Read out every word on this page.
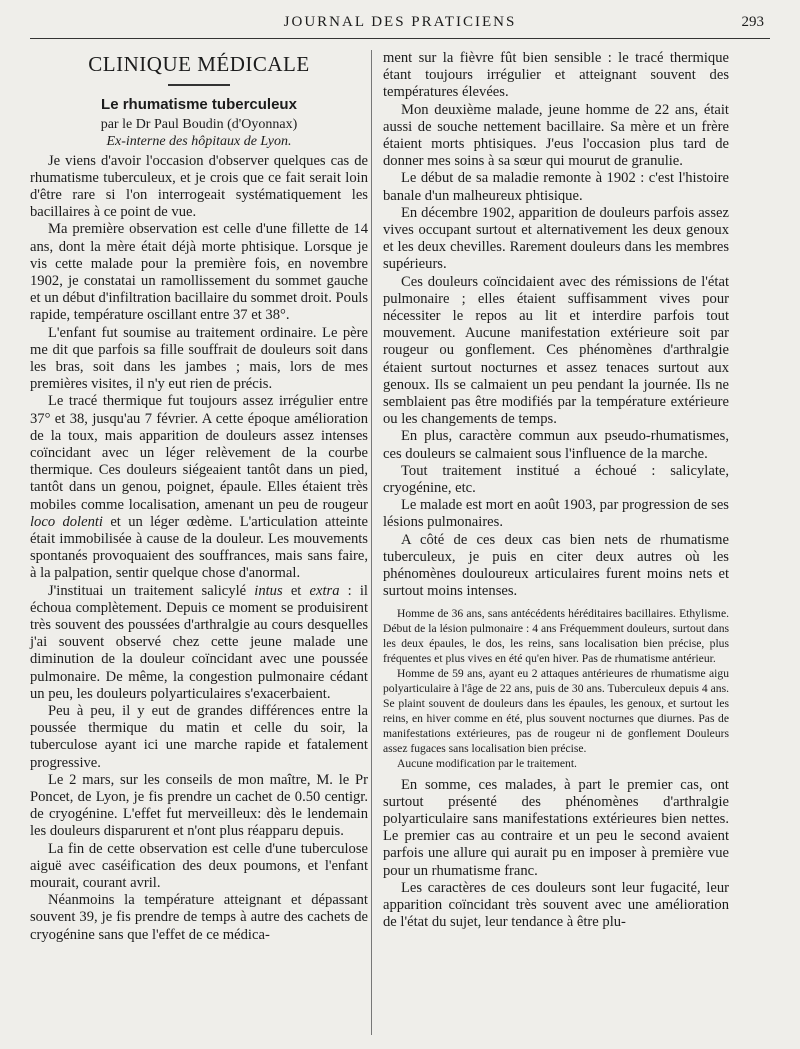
JOURNAL DES PRATICIENS	293
CLINIQUE MÉDICALE
Le rhumatisme tuberculeux
par le Dr Paul Boudin (d'Oyonnax)
Ex-interne des hôpitaux de Lyon.

Je viens d'avoir l'occasion d'observer quelques cas de rhumatisme tuberculeux, et je crois que ce fait serait loin d'être rare si l'on interrogeait systématiquement les bacillaires à ce point de vue.

Ma première observation est celle d'une fillette de 14 ans, dont la mère était déjà morte phtisique. Lorsque je vis cette malade pour la première fois, en novembre 1902, je constatai un ramollissement du sommet gauche et un début d'infiltration bacillaire du sommet droit. Pouls rapide, température oscillant entre 37 et 38°.

L'enfant fut soumise au traitement ordinaire. Le père me dit que parfois sa fille souffrait de douleurs soit dans les bras, soit dans les jambes ; mais, lors de mes premières visites, il n'y eut rien de précis.

Le tracé thermique fut toujours assez irrégulier entre 37° et 38, jusqu'au 7 février. A cette époque amélioration de la toux, mais apparition de douleurs assez intenses coïncidant avec un léger relèvement de la courbe thermique. Ces douleurs siégeaient tantôt dans un pied, tantôt dans un genou, poignet, épaule. Elles étaient très mobiles comme localisation, amenant un peu de rougeur loco dolenti et un léger œdème. L'articulation atteinte était immobilisée à cause de la douleur. Les mouvements spontanés provoquaient des souffrances, mais sans faire, à la palpation, sentir quelque chose d'anormal.

J'instituai un traitement salicylé intus et extra : il échoua complètement. Depuis ce moment se produisirent très souvent des poussées d'arthralgie au cours desquelles j'ai souvent observé chez cette jeune malade une diminution de la douleur coïncidant avec une poussée pulmonaire. De même, la congestion pulmonaire cédant un peu, les douleurs polyarticulaires s'exacerbaient.

Peu à peu, il y eut de grandes différences entre la poussée thermique du matin et celle du soir, la tuberculose ayant ici une marche rapide et fatalement progressive.

Le 2 mars, sur les conseils de mon maître, M. le Pr Poncet, de Lyon, je fis prendre un cachet de 0.50 centigr. de cryogénine. L'effet fut merveilleux: dès le lendemain les douleurs disparurent et n'ont plus réapparu depuis.

La fin de cette observation est celle d'une tuberculose aiguë avec caséification des deux poumons, et l'enfant mourait, courant avril.

Néanmoins la température atteignant et dépassant souvent 39, je fis prendre de temps à autre des cachets de cryogénine sans que l'effet de ce médica-

ment sur la fièvre fût bien sensible : le tracé thermique étant toujours irrégulier et atteignant souvent des températures élevées.

Mon deuxième malade, jeune homme de 22 ans, était aussi de souche nettement bacillaire. Sa mère et un frère étaient morts phtisiques. J'eus l'occasion plus tard de donner mes soins à sa sœur qui mourut de granulie.

Le début de sa maladie remonte à 1902 : c'est l'histoire banale d'un malheureux phtisique.

En décembre 1902, apparition de douleurs parfois assez vives occupant surtout et alternativement les deux genoux et les deux chevilles. Rarement douleurs dans les membres supérieurs.

Ces douleurs coïncidaient avec des rémissions de l'état pulmonaire ; elles étaient suffisamment vives pour nécessiter le repos au lit et interdire parfois tout mouvement. Aucune manifestation extérieure soit par rougeur ou gonflement. Ces phénomènes d'arthralgie étaient surtout nocturnes et assez tenaces surtout aux genoux. Ils se calmaient un peu pendant la journée. Ils ne semblaient pas être modifiés par la température extérieure ou les changements de temps.

En plus, caractère commun aux pseudo-rhumatismes, ces douleurs se calmaient sous l'influence de la marche.

Tout traitement institué a échoué : salicylate, cryogénine, etc.

Le malade est mort en août 1903, par progression de ses lésions pulmonaires.

A côté de ces deux cas bien nets de rhumatisme tuberculeux, je puis en citer deux autres où les phénomènes douloureux articulaires furent moins nets et surtout moins intenses.

Homme de 36 ans, sans antécédents héréditaires bacillaires. Ethylisme. Début de la lésion pulmonaire : 4 ans Fréquemment douleurs, surtout dans les deux épaules, le dos, les reins, sans localisation bien précise, plus fréquentes et plus vives en été qu'en hiver. Pas de rhumatisme antérieur.

Homme de 59 ans, ayant eu 2 attaques antérieures de rhumatisme aigu polyarticulaire à l'âge de 22 ans, puis de 30 ans. Tuberculeux depuis 4 ans. Se plaint souvent de douleurs dans les épaules, les genoux, et surtout les reins, en hiver comme en été, plus souvent nocturnes que diurnes. Pas de manifestations extérieures, pas de rougeur ni de gonflement Douleurs assez fugaces sans localisation bien précise.

Aucune modification par le traitement.

En somme, ces malades, à part le premier cas, ont surtout présenté des phénomènes d'arthralgie polyarticulaire sans manifestations extérieures bien nettes. Le premier cas au contraire et un peu le second avaient parfois une allure qui aurait pu en imposer à première vue pour un rhumatisme franc.

Les caractères de ces douleurs sont leur fugacité, leur apparition coïncidant très souvent avec une amélioration de l'état du sujet, leur tendance à être plu-
